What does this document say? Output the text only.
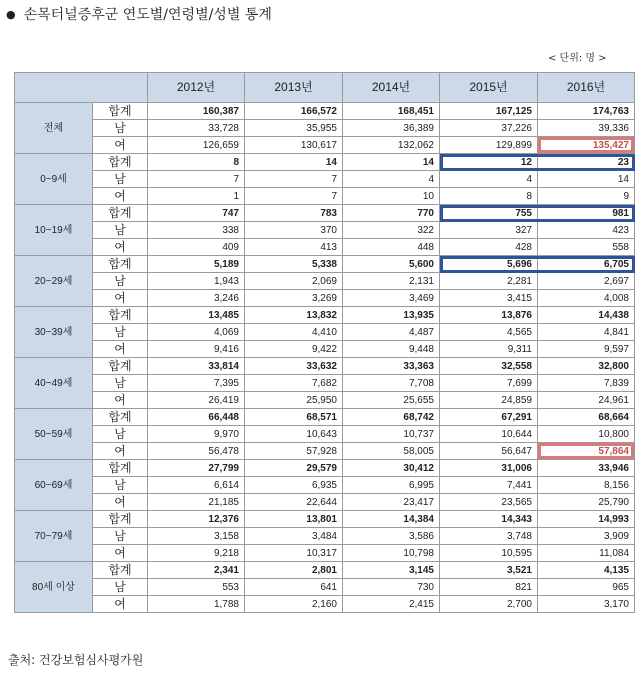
● 손목터널증후군 연도별/연령별/성별 통계
< 단위: 명 >
		2012년	2013년	2014년	2015년	2016년
전체	합계	160,387	166,572	168,451	167,125	174,763
	남	33,728	35,955	36,389	37,226	39,336
	여	126,659	130,617	132,062	129,899	135,427
0~9세	합계	8	14	14	12	23
	남	7	7	4	4	14
	여	1	7	10	8	9
10~19세	합계	747	783	770	755	981
	남	338	370	322	327	423
	여	409	413	448	428	558
20~29세	합계	5,189	5,338	5,600	5,696	6,705
	남	1,943	2,069	2,131	2,281	2,697
	여	3,246	3,269	3,469	3,415	4,008
30~39세	합계	13,485	13,832	13,935	13,876	14,438
	남	4,069	4,410	4,487	4,565	4,841
	여	9,416	9,422	9,448	9,311	9,597
40~49세	합계	33,814	33,632	33,363	32,558	32,800
	남	7,395	7,682	7,708	7,699	7,839
	여	26,419	25,950	25,655	24,859	24,961
50~59세	합계	66,448	68,571	68,742	67,291	68,664
	남	9,970	10,643	10,737	10,644	10,800
	여	56,478	57,928	58,005	56,647	57,864
60~69세	합계	27,799	29,579	30,412	31,006	33,946
	남	6,614	6,935	6,995	7,441	8,156
	여	21,185	22,644	23,417	23,565	25,790
70~79세	합계	12,376	13,801	14,384	14,343	14,993
	남	3,158	3,484	3,586	3,748	3,909
	여	9,218	10,317	10,798	10,595	11,084
80세 이상	합계	2,341	2,801	3,145	3,521	4,135
	남	553	641	730	821	965
	여	1,788	2,160	2,415	2,700	3,170
출처: 건강보험심사평가원
